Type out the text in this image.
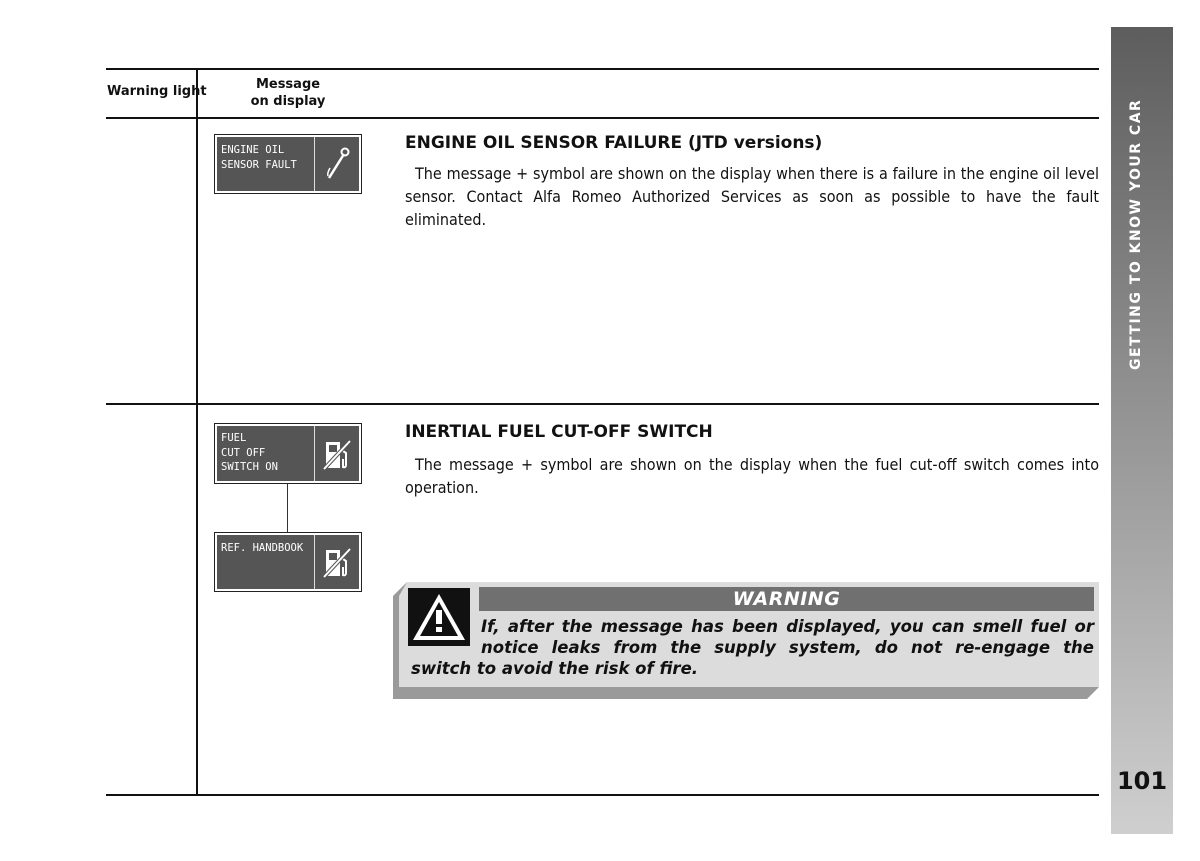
Warning light	Message
on display
ENGINE OIL
SENSOR FAULT
ENGINE OIL SENSOR FAILURE (JTD versions)
The message + symbol are shown on the display when there is a failure in the engine oil level sensor. Contact Alfa Romeo Authorized Services as soon as possible to have the fault eliminated.
FUEL
CUT OFF
SWITCH ON
REF. HANDBOOK
INERTIAL FUEL CUT-OFF SWITCH
The message + symbol are shown on the display when the fuel cut-off switch comes into operation.
WARNING
If, after the message has been displayed, you can smell fuel or notice leaks from the supply system, do not re-engage the switch to avoid the risk of fire.
GETTING TO KNOW YOUR CAR
101
